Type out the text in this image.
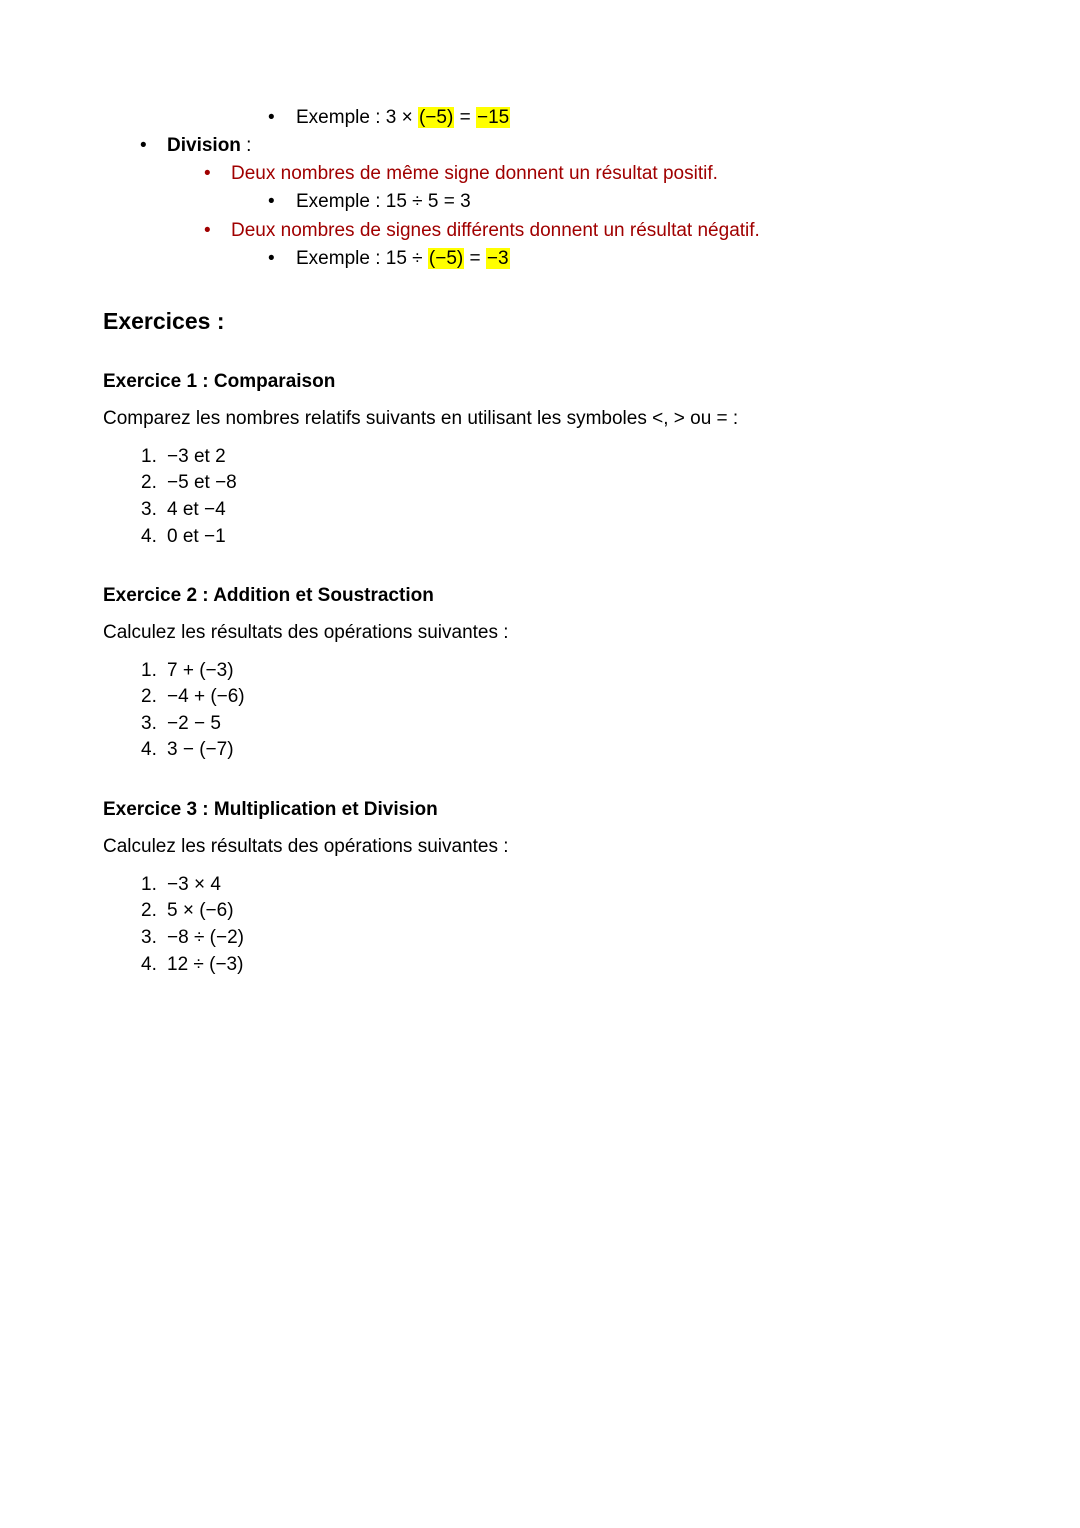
• Exemple : 3 × (−5) = −15
• Division :
• Deux nombres de même signe donnent un résultat positif.
• Exemple : 15 ÷ 5 = 3
• Deux nombres de signes différents donnent un résultat négatif.
• Exemple : 15 ÷ (−5) = −3
Exercices :
Exercice 1 : Comparaison
Comparez les nombres relatifs suivants en utilisant les symboles <, > ou = :
1. −3 et 2
2. −5 et −8
3. 4 et −4
4. 0 et −1
Exercice 2 : Addition et Soustraction
Calculez les résultats des opérations suivantes :
1. 7 + (−3)
2. −4 + (−6)
3. −2 − 5
4. 3 − (−7)
Exercice 3 : Multiplication et Division
Calculez les résultats des opérations suivantes :
1. −3 × 4
2. 5 × (−6)
3. −8 ÷ (−2)
4. 12 ÷ (−3)
